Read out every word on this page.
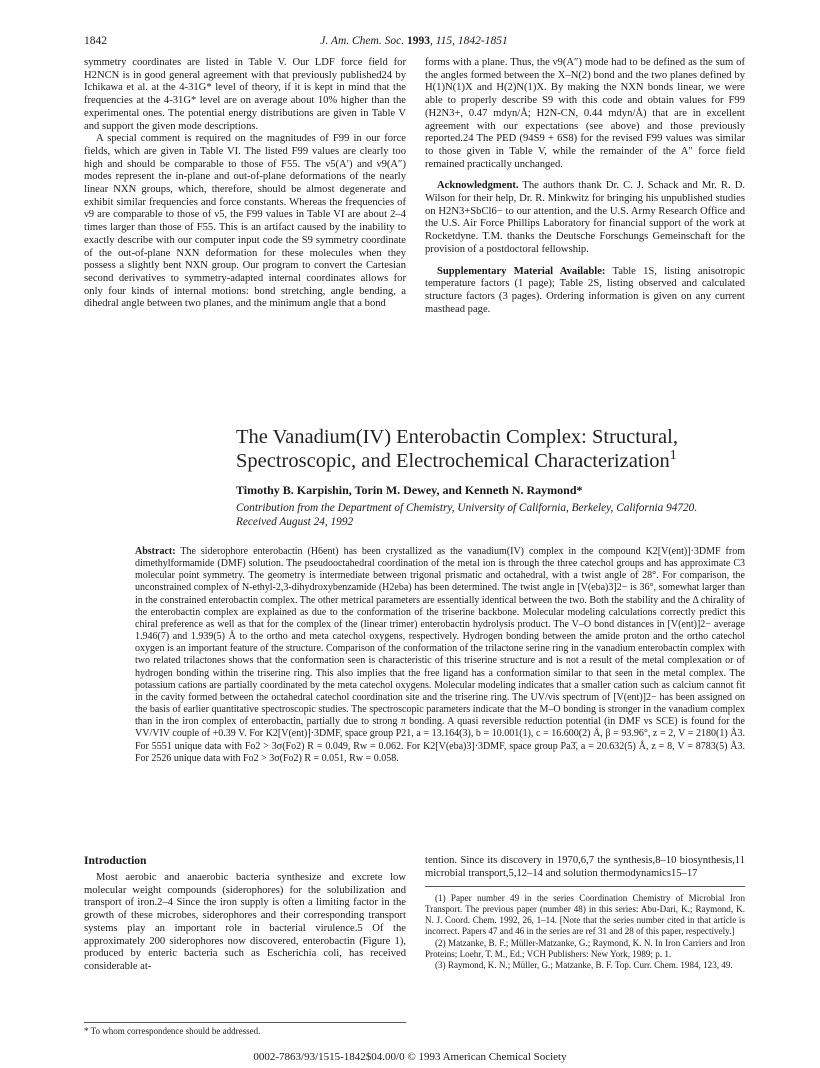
1842	J. Am. Chem. Soc. 1993, 115, 1842-1851

symmetry coordinates are listed in Table V. Our LDF force field for H2NCN is in good general agreement with that previously published24 by Ichikawa et al. at the 4-31G* level of theory, if it is kept in mind that the frequencies at the 4-31G* level are on average about 10% higher than the experimental ones. The potential energy distributions are given in Table V and support the given mode descriptions.

A special comment is required on the magnitudes of F99 in our force fields, which are given in Table VI. The listed F99 values are clearly too high and should be comparable to those of F55. The ν5(A′) and ν9(A″) modes represent the in-plane and out-of-plane deformations of the nearly linear NXN groups, which, therefore, should be almost degenerate and exhibit similar frequencies and force constants. Whereas the frequencies of ν9 are comparable to those of ν5, the F99 values in Table VI are about 2–4 times larger than those of F55. This is an artifact caused by the inability to exactly describe with our computer input code the S9 symmetry coordinate of the out-of-plane NXN deformation for these molecules when they possess a slightly bent NXN group. Our program to convert the Cartesian second derivatives to symmetry-adapted internal coordinates allows for only four kinds of internal motions: bond stretching, angle bending, a dihedral angle between two planes, and the minimum angle that a bond

forms with a plane. Thus, the ν9(A″) mode had to be defined as the sum of the angles formed between the X–N(2) bond and the two planes defined by H(1)N(1)X and H(2)N(1)X. By making the NXN bonds linear, we were able to properly describe S9 with this code and obtain values for F99 (H2N3+, 0.47 mdyn/Å; H2N-CN, 0.44 mdyn/Å) that are in excellent agreement with our expectations (see above) and those previously reported.24 The PED (94S9 + 6S8) for the revised F99 values was similar to those given in Table V, while the remainder of the A″ force field remained practically unchanged.

Acknowledgment. The authors thank Dr. C. J. Schack and Mr. R. D. Wilson for their help, Dr. R. Minkwitz for bringing his unpublished studies on H2N3+SbCl6− to our attention, and the U.S. Army Research Office and the U.S. Air Force Phillips Laboratory for financial support of the work at Rocketdyne. T.M. thanks the Deutsche Forschungs Gemeinschaft for the provision of a postdoctoral fellowship.

Supplementary Material Available: Table 1S, listing anisotropic temperature factors (1 page); Table 2S, listing observed and calculated structure factors (3 pages). Ordering information is given on any current masthead page.

The Vanadium(IV) Enterobactin Complex: Structural, Spectroscopic, and Electrochemical Characterization$^1$
Timothy B. Karpishin, Torin M. Dewey, and Kenneth N. Raymond*
Contribution from the Department of Chemistry, University of California, Berkeley, California 94720. Received August 24, 1992
Abstract: The siderophore enterobactin (H6ent) has been crystallized as the vanadium(IV) complex in the compound K2[V(ent)]·3DMF from dimethylformamide (DMF) solution. The pseudooctahedral coordination of the metal ion is through the three catechol groups and has approximate C3 molecular point symmetry. The geometry is intermediate between trigonal prismatic and octahedral, with a twist angle of 28°. For comparison, the unconstrained complex of N-ethyl-2,3-dihydroxybenzamide (H2eba) has been determined. The twist angle in [V(eba)3]2− is 36°, somewhat larger than in the constrained enterobactin complex. The other metrical parameters are essentially identical between the two. Both the stability and the Δ chirality of the enterobactin complex are explained as due to the conformation of the triserine backbone. Molecular modeling calculations correctly predict this chiral preference as well as that for the complex of the (linear trimer) enterobactin hydrolysis product. The V–O bond distances in [V(ent)]2− average 1.946(7) and 1.939(5) Å to the ortho and meta catechol oxygens, respectively. Hydrogen bonding between the amide proton and the ortho catechol oxygen is an important feature of the structure. Comparison of the conformation of the trilactone serine ring in the vanadium enterobactin complex with two related trilactones shows that the conformation seen is characteristic of this triserine structure and is not a result of the metal complexation or of hydrogen bonding within the triserine ring. This also implies that the free ligand has a conformation similar to that seen in the metal complex. The potassium cations are partially coordinated by the meta catechol oxygens. Molecular modeling indicates that a smaller cation such as calcium cannot fit in the cavity formed between the octahedral catechol coordination site and the triserine ring. The UV/vis spectrum of [V(ent)]2− has been assigned on the basis of earlier quantitative spectroscopic studies. The spectroscopic parameters indicate that the M–O bonding is stronger in the vanadium complex than in the iron complex of enterobactin, partially due to strong π bonding. A quasi reversible reduction potential (in DMF vs SCE) is found for the VV/VIV couple of +0.39 V. For K2[V(ent)]·3DMF, space group P21, a = 13.164(3), b = 10.001(1), c = 16.600(2) Å, β = 93.96°, z = 2, V = 2180(1) Å3. For 5551 unique data with Fo2 > 3σ(Fo2) R = 0.049, Rw = 0.062. For K2[V(eba)3]·3DMF, space group Pa3̄, a = 20.632(5) Å, z = 8, V = 8783(5) Å3. For 2526 unique data with Fo2 > 3σ(Fo2) R = 0.051, Rw = 0.058.
Introduction

Most aerobic and anaerobic bacteria synthesize and excrete low molecular weight compounds (siderophores) for the solubilization and transport of iron.2–4 Since the iron supply is often a limiting factor in the growth of these microbes, siderophores and their corresponding transport systems play an important role in bacterial virulence.5 Of the approximately 200 siderophores now discovered, enterobactin (Figure 1), produced by enteric bacteria such as Escherichia coli, has received considerable at-

tention. Since its discovery in 1970,6,7 the synthesis,8–10 biosynthesis,11 microbial transport,5,12–14 and solution thermodynamics15–17

(1) Paper number 49 in the series Coordination Chemistry of Microbial Iron Transport. The previous paper (number 48) in this series: Abu-Dari, K.; Raymond, K. N. J. Coord. Chem. 1992, 26, 1–14. [Note that the series number cited in that article is incorrect. Papers 47 and 46 in the series are ref 31 and 28 of this paper, respectively.]

(2) Matzanke, B. F.; Müller-Matzanke, G.; Raymond, K. N. In Iron Carriers and Iron Proteins; Loehr, T. M., Ed.; VCH Publishers: New York, 1989; p. 1.

(3) Raymond, K. N.; Müller, G.; Matzanke, B. F. Top. Curr. Chem. 1984, 123, 49.

* To whom correspondence should be addressed.
0002-7863/93/1515-1842$04.00/0 © 1993 American Chemical Society
